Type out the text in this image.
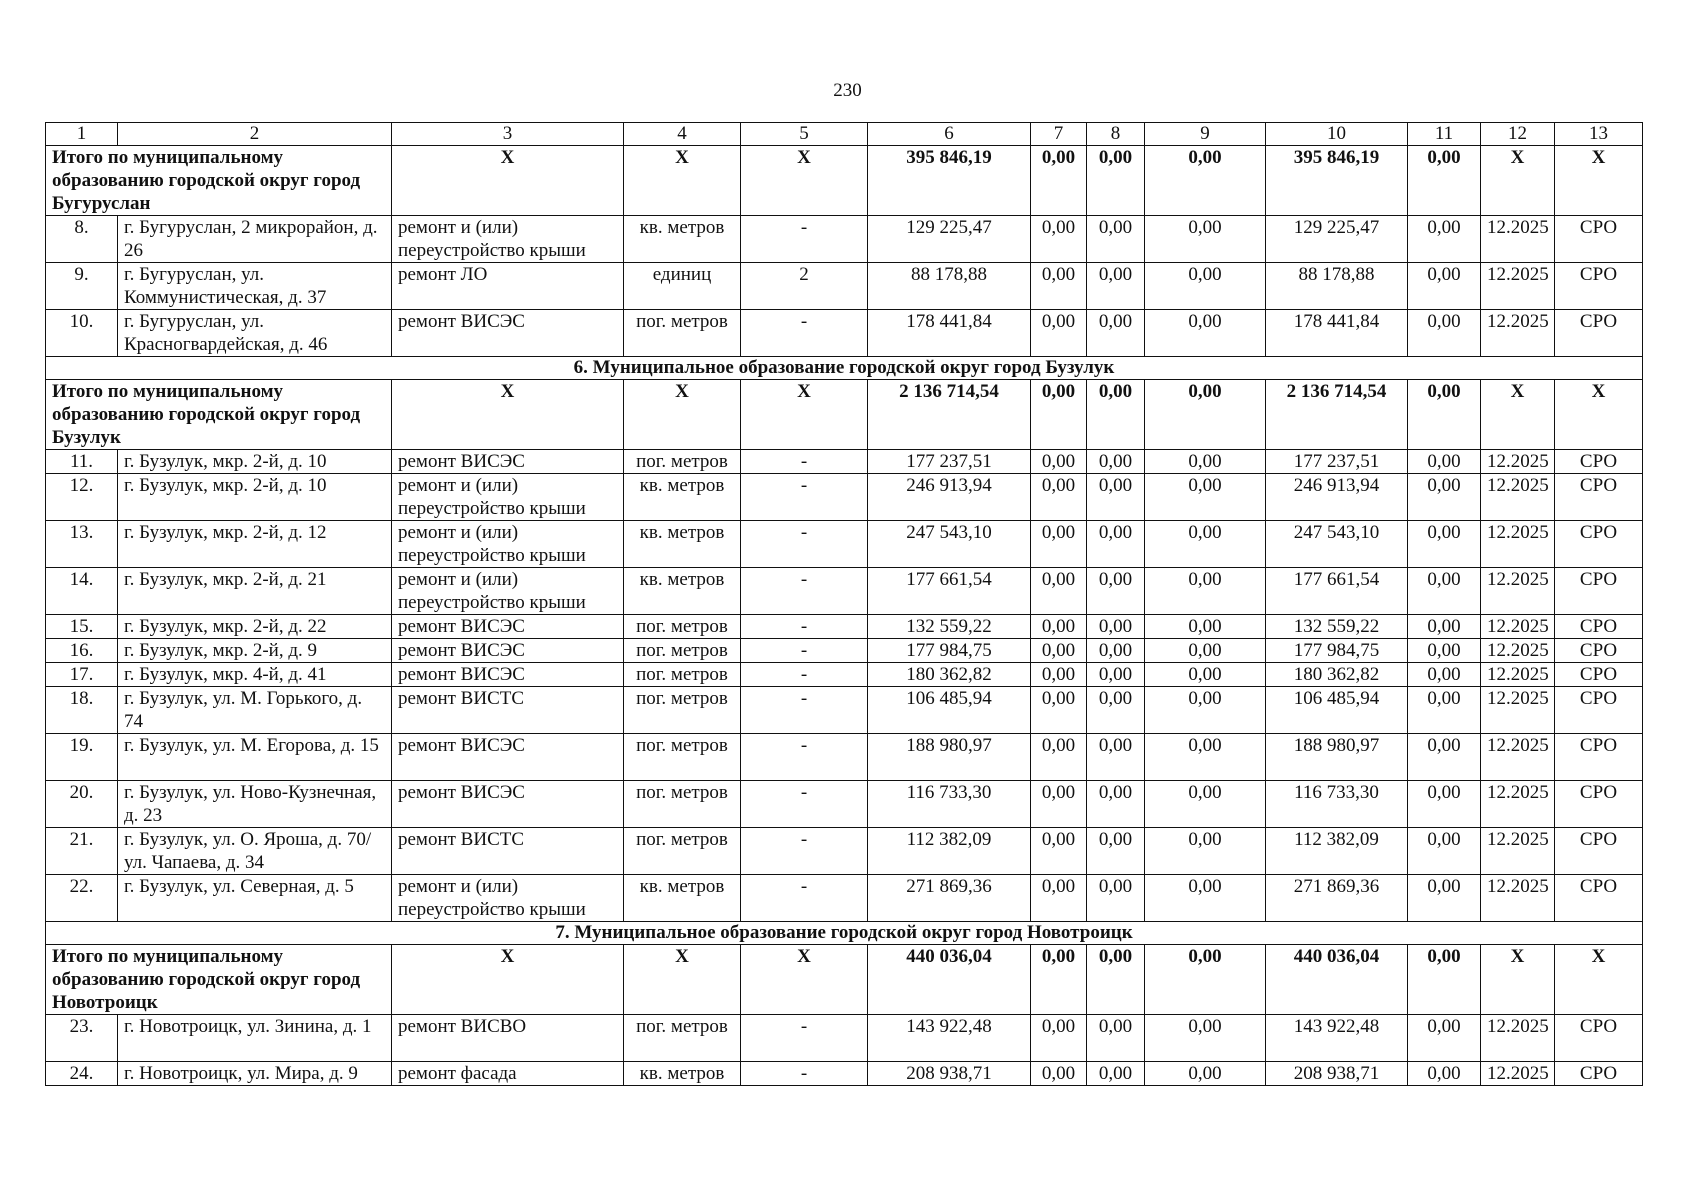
230
1	2	3	4	5	6	7	8	9	10	11	12	13
Итого по муниципальному образованию городской округ город Бугуруслан		X	X	X	395 846,19	0,00	0,00	0,00	395 846,19	0,00	X	X
8.	г. Бугуруслан, 2 микрорайон, д. 26	ремонт и (или) переустройство крыши	кв. метров	-	129 225,47	0,00	0,00	0,00	129 225,47	0,00	12.2025	СРО
9.	г. Бугуруслан, ул. Коммунистическая, д. 37	ремонт ЛО	единиц	2	88 178,88	0,00	0,00	0,00	88 178,88	0,00	12.2025	СРО
10.	г. Бугуруслан, ул. Красногвардейская, д. 46	ремонт ВИСЭС	пог. метров	-	178 441,84	0,00	0,00	0,00	178 441,84	0,00	12.2025	СРО
6. Муниципальное образование городской округ город Бузулук												
Итого по муниципальному образованию городской округ город Бузулук		X	X	X	2 136 714,54	0,00	0,00	0,00	2 136 714,54	0,00	X	X
11.	г. Бузулук, мкр. 2-й, д. 10	ремонт ВИСЭС	пог. метров	-	177 237,51	0,00	0,00	0,00	177 237,51	0,00	12.2025	СРО
12.	г. Бузулук, мкр. 2-й, д. 10	ремонт и (или) переустройство крыши	кв. метров	-	246 913,94	0,00	0,00	0,00	246 913,94	0,00	12.2025	СРО
13.	г. Бузулук, мкр. 2-й, д. 12	ремонт и (или) переустройство крыши	кв. метров	-	247 543,10	0,00	0,00	0,00	247 543,10	0,00	12.2025	СРО
14.	г. Бузулук, мкр. 2-й, д. 21	ремонт и (или) переустройство крыши	кв. метров	-	177 661,54	0,00	0,00	0,00	177 661,54	0,00	12.2025	СРО
15.	г. Бузулук, мкр. 2-й, д. 22	ремонт ВИСЭС	пог. метров	-	132 559,22	0,00	0,00	0,00	132 559,22	0,00	12.2025	СРО
16.	г. Бузулук, мкр. 2-й, д. 9	ремонт ВИСЭС	пог. метров	-	177 984,75	0,00	0,00	0,00	177 984,75	0,00	12.2025	СРО
17.	г. Бузулук, мкр. 4-й, д. 41	ремонт ВИСЭС	пог. метров	-	180 362,82	0,00	0,00	0,00	180 362,82	0,00	12.2025	СРО
18.	г. Бузулук, ул. М. Горького, д. 74	ремонт ВИСТС	пог. метров	-	106 485,94	0,00	0,00	0,00	106 485,94	0,00	12.2025	СРО
19.	г. Бузулук, ул. М. Егорова, д. 15	ремонт ВИСЭС	пог. метров	-	188 980,97	0,00	0,00	0,00	188 980,97	0,00	12.2025	СРО
20.	г. Бузулук, ул. Ново-Кузнечная, д. 23	ремонт ВИСЭС	пог. метров	-	116 733,30	0,00	0,00	0,00	116 733,30	0,00	12.2025	СРО
21.	г. Бузулук, ул. О. Яроша, д. 70/ул. Чапаева, д. 34	ремонт ВИСТС	пог. метров	-	112 382,09	0,00	0,00	0,00	112 382,09	0,00	12.2025	СРО
22.	г. Бузулук, ул. Северная, д. 5	ремонт и (или) переустройство крыши	кв. метров	-	271 869,36	0,00	0,00	0,00	271 869,36	0,00	12.2025	СРО
7. Муниципальное образование городской округ город Новотроицк												
Итого по муниципальному образованию городской округ город Новотроицк		X	X	X	440 036,04	0,00	0,00	0,00	440 036,04	0,00	X	X
23.	г. Новотроицк, ул. Зинина, д. 1	ремонт ВИСВО	пог. метров	-	143 922,48	0,00	0,00	0,00	143 922,48	0,00	12.2025	СРО
24.	г. Новотроицк, ул. Мира, д. 9	ремонт фасада	кв. метров	-	208 938,71	0,00	0,00	0,00	208 938,71	0,00	12.2025	СРО
